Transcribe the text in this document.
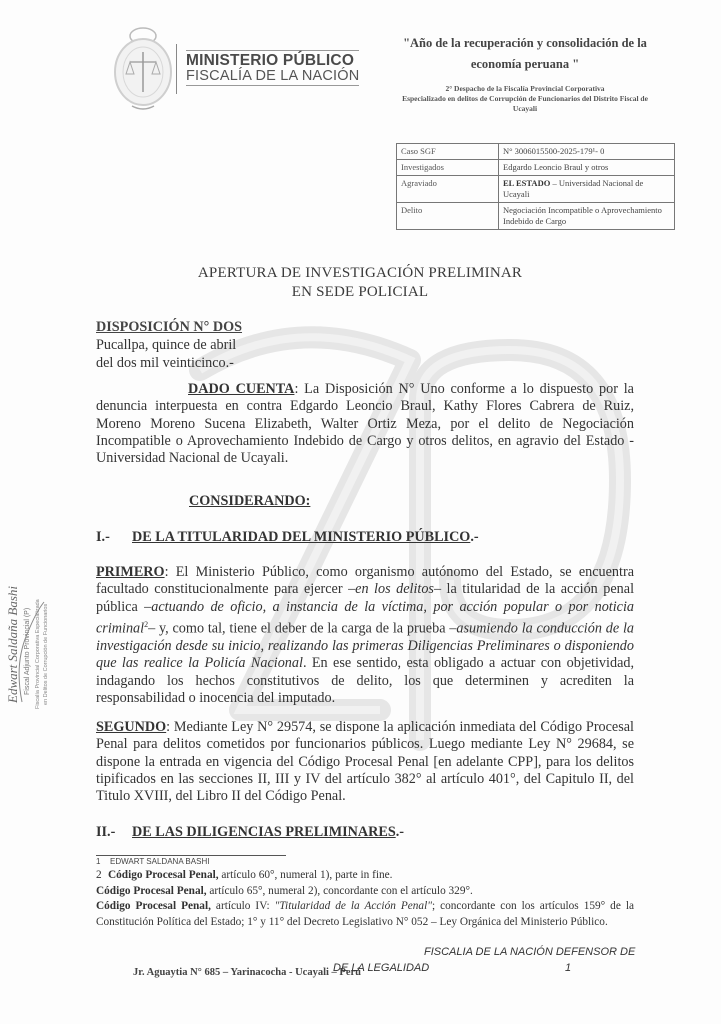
MINISTERIO PÚBLICO
FISCALÍA DE LA NACIÓN
"Año de la recuperación y consolidación de la
economía peruana "
2° Despacho de la Fiscalía Provincial Corporativa
Especializado en delitos de Corrupción de Funcionarios del Distrito Fiscal de
Ucayali
Caso SGF	N° 3006015500-2025-179¹- 0
Investigados	Edgardo Leoncio Braul y otros
Agraviado	EL ESTADO – Universidad Nacional de Ucayali
Delito	Negociación Incompatible o Aprovechamiento Indebido de Cargo
APERTURA DE INVESTIGACIÓN PRELIMINAR
EN SEDE POLICIAL
DISPOSICIÓN N° DOS
Pucallpa, quince de abril
del dos mil veinticinco.-
DADO CUENTA: La Disposición N° Uno conforme a lo dispuesto por la denuncia interpuesta en contra Edgardo Leoncio Braul, Kathy Flores Cabrera de Ruiz, Moreno Moreno Sucena Elizabeth, Walter Ortiz Meza, por el delito de Negociación Incompatible o Aprovechamiento Indebido de Cargo y otros delitos, en agravio del Estado - Universidad Nacional de Ucayali.
CONSIDERANDO:
I.- DE LA TITULARIDAD DEL MINISTERIO PÚBLICO.-
PRIMERO: El Ministerio Público, como organismo autónomo del Estado, se encuentra facultado constitucionalmente para ejercer –en los delitos– la titularidad de la acción penal pública –actuando de oficio, a instancia de la víctima, por acción popular o por noticia criminal$^2$– y, como tal, tiene el deber de la carga de la prueba –asumiendo la conducción de la investigación desde su inicio, realizando las primeras Diligencias Preliminares o disponiendo que las realice la Policía Nacional. En ese sentido, esta obligado a actuar con objetividad, indagando los hechos constitutivos de delito, los que determinen y acrediten la responsabilidad o inocencia del imputado.
Edwart Saldaña Bashi Fiscal Adjunto Provincial (P) Fiscalía Provincial Corporativa Especializada en Delitos de Corrupción de Funcionarios
SEGUNDO: Mediante Ley N° 29574, se dispone la aplicación inmediata del Código Procesal Penal para delitos cometidos por funcionarios públicos. Luego mediante Ley N° 29684, se dispone la entrada en vigencia del Código Procesal Penal [en adelante CPP], para los delitos tipificados en las secciones II, III y IV del artículo 382° al artículo 401°, del Capitulo II, del Titulo XVIII, del Libro II del Código Penal.
II.- DE LAS DILIGENCIAS PRELIMINARES.-
1 EDWART SALDANA BASHI
2 Código Procesal Penal, artículo 60°, numeral 1), parte in fine.
Código Procesal Penal, artículo 65°, numeral 2), concordante con el artículo 329°.
Código Procesal Penal, artículo IV: "Titularidad de la Acción Penal"; concordante con los artículos 159° de la Constitución Política del Estado; 1° y 11° del Decreto Legislativo N° 052 – Ley Orgánica del Ministerio Público.
FISCALIA DE LA NACIÓN DEFENSOR DE
Jr. Aguaytia N° 685 – Yarinacocha - Ucayali – Perú
DE LA LEGALIDAD	1
